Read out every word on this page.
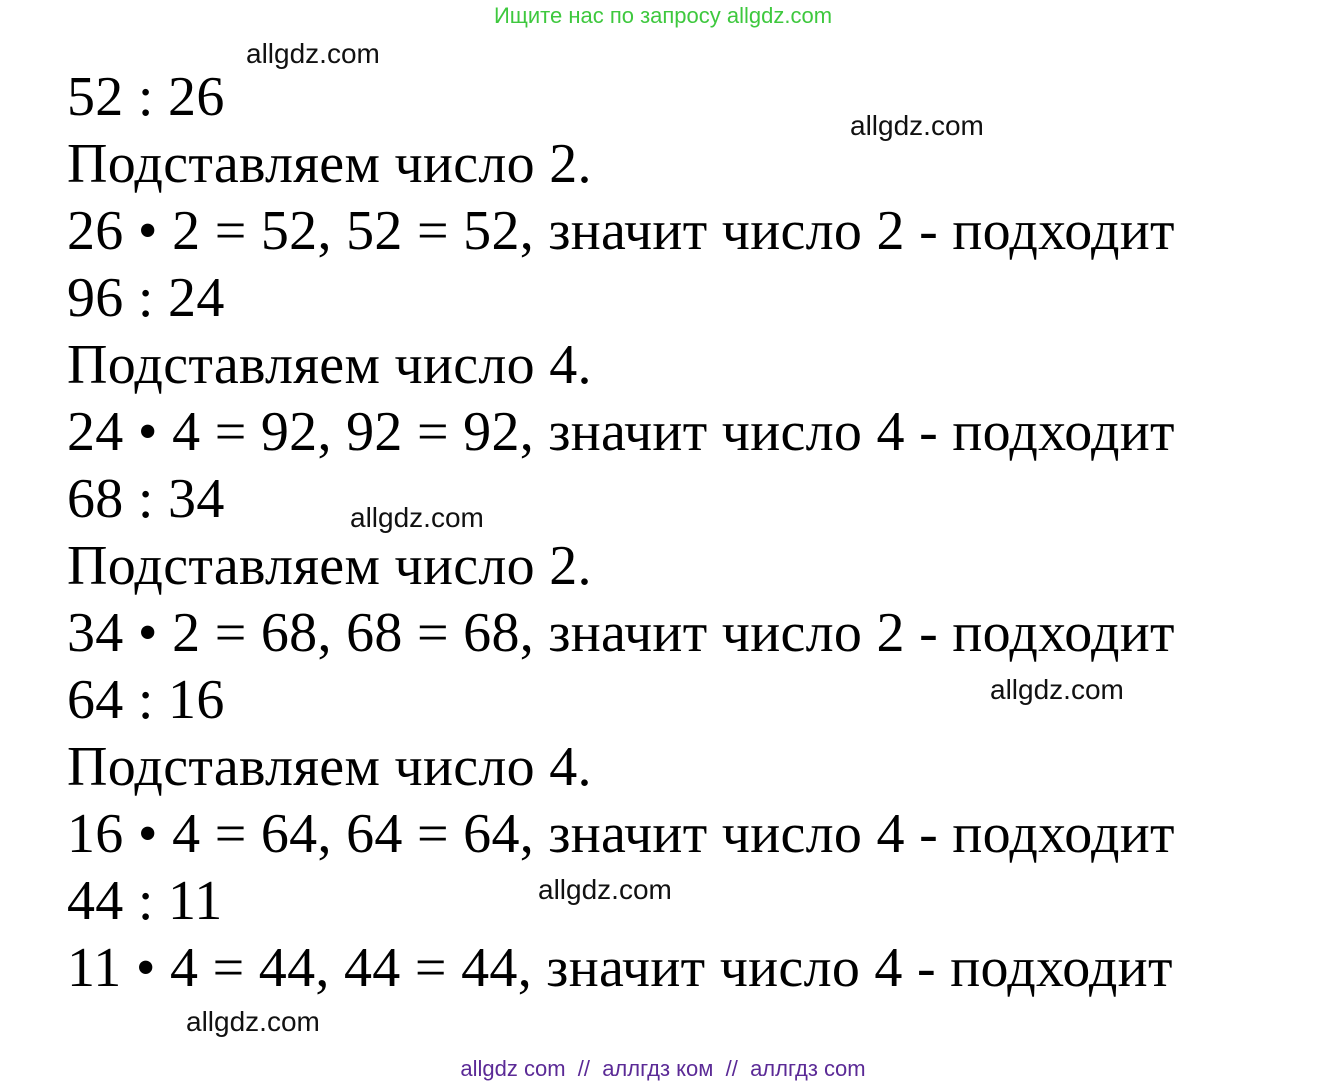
Ищите нас по запросу allgdz.com
52 : 26
Подставляем число 2.
26 • 2 = 52, 52 = 52, значит число 2 - подходит
96 : 24
Подставляем число 4.
24 • 4 = 92, 92 = 92, значит число 4 - подходит
68 : 34
Подставляем число 2.
34 • 2 = 68, 68 = 68, значит число 2 - подходит
64 : 16
Подставляем число 4.
16 • 4 = 64, 64 = 64, значит число 4 - подходит
44 : 11
11 • 4 = 44, 44 = 44, значит число 4 - подходит
allgdz.com
allgdz.com
allgdz.com
allgdz.com
allgdz.com
allgdz.com
allgdz com  //  аллгдз ком  //  аллгдз com
